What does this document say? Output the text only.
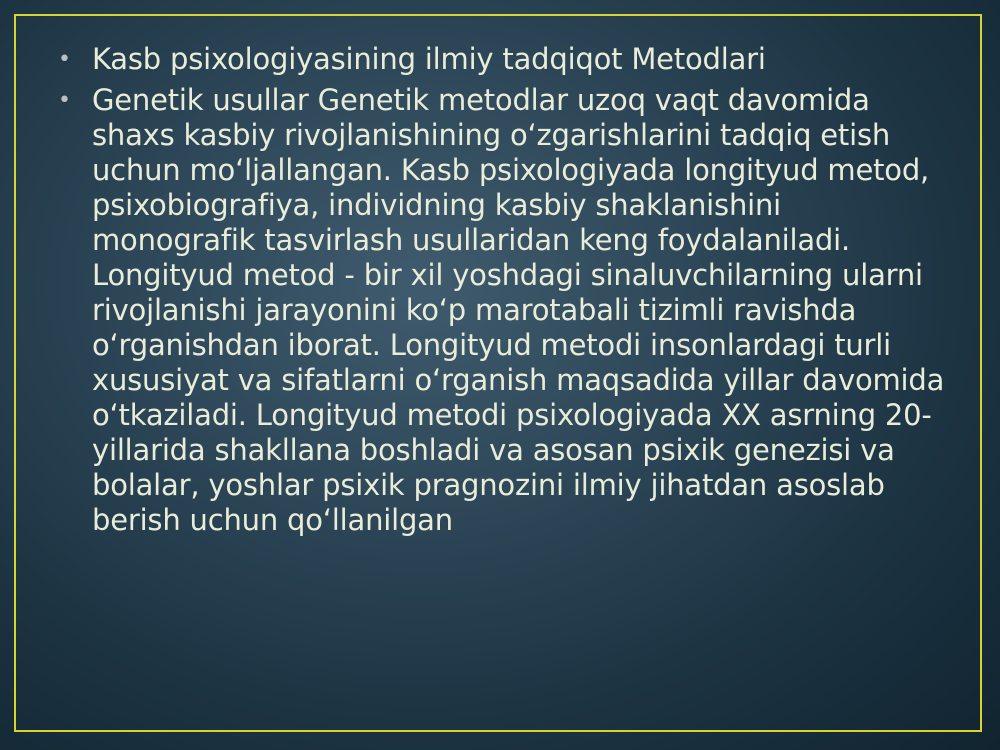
• Kasb psixologiyasining ilmiy tadqiqot Metodlari
• Genetik usullar Genetik metodlar uzoq vaqt davomida shaxs kasbiy rivojlanishining o‘zgarishlarini tadqiq etish uchun mo‘ljallangan. Kasb psixologiyada longityud metod, psixobiografiya, individning kasbiy shaklanishini monografik tasvirlash usullaridan keng foydalaniladi. Longityud metod - bir xil yoshdagi sinaluvchilarning ularni rivojlanishi jarayonini ko‘p marotabali tizimli ravishda o‘rganishdan iborat. Longityud metodi insonlardagi turli xususiyat va sifatlarni o‘rganish maqsadida yillar davomida o‘tkaziladi. Longityud metodi psixologiyada XX asrning 20-yillarida shakllana boshladi va asosan psixik genezisi va bolalar, yoshlar psixik pragnozini ilmiy jihatdan asoslab berish uchun qo‘llanilgan
